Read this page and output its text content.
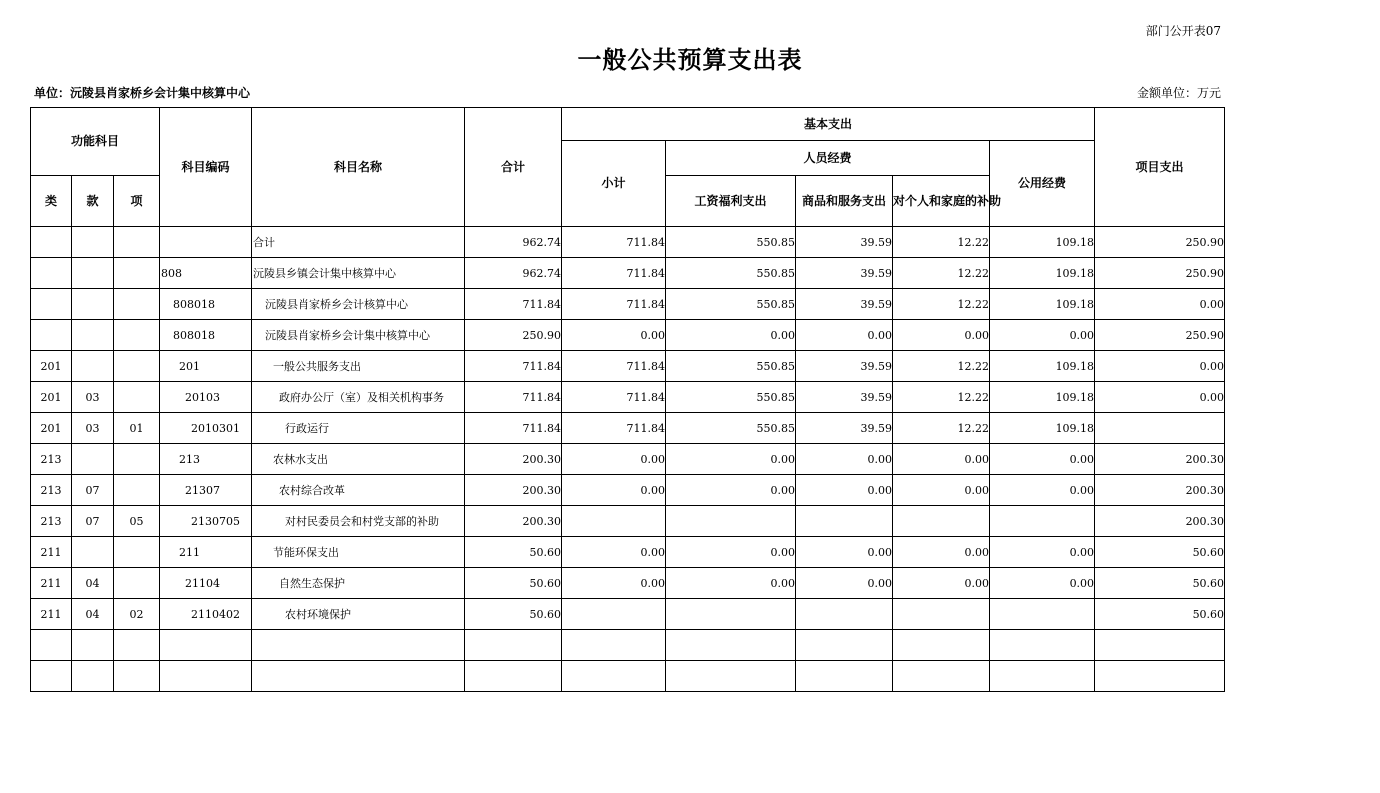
部门公开表07
一般公共预算支出表
单位：沅陵县肖家桥乡会计集中核算中心	金额单位：万元
功能科目			科目编码	科目名称	合计	基本支出					项目支出
						小计	人员经费			公用经费	
类	款	项					工资福利支出	商品和服务支出	对个人和家庭的补助		
				合计	962.74	711.84	550.85	39.59	12.22	109.18	250.90
			808	沅陵县乡镇会计集中核算中心	962.74	711.84	550.85	39.59	12.22	109.18	250.90
			808018	沅陵县肖家桥乡会计核算中心	711.84	711.84	550.85	39.59	12.22	109.18	0.00
			808018	沅陵县肖家桥乡会计集中核算中心	250.90	0.00	0.00	0.00	0.00	0.00	250.90
201			201	一般公共服务支出	711.84	711.84	550.85	39.59	12.22	109.18	0.00
201	03		20103	政府办公厅（室）及相关机构事务	711.84	711.84	550.85	39.59	12.22	109.18	0.00
201	03	01	2010301	行政运行	711.84	711.84	550.85	39.59	12.22	109.18	
213			213	农林水支出	200.30	0.00	0.00	0.00	0.00	0.00	200.30
213	07		21307	农村综合改革	200.30	0.00	0.00	0.00	0.00	0.00	200.30
213	07	05	2130705	对村民委员会和村党支部的补助	200.30						200.30
211			211	节能环保支出	50.60	0.00	0.00	0.00	0.00	0.00	50.60
211	04		21104	自然生态保护	50.60	0.00	0.00	0.00	0.00	0.00	50.60
211	04	02	2110402	农村环境保护	50.60						50.60
